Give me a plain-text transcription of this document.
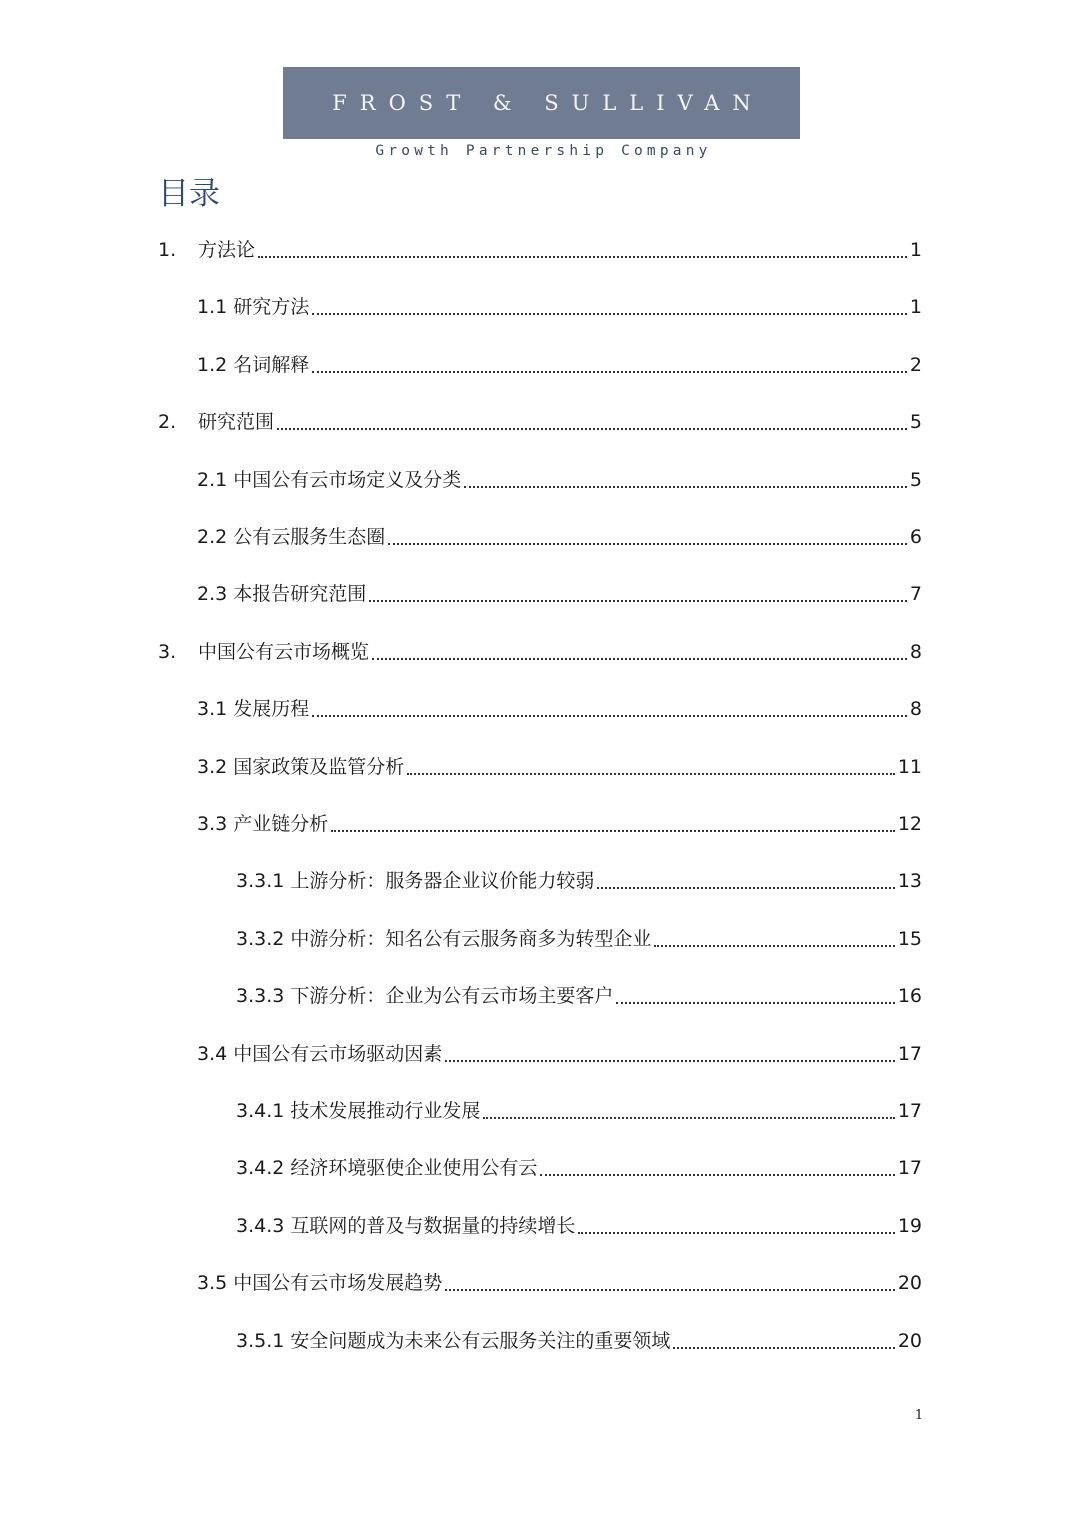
FROST & SULLIVAN
Growth Partnership Company
目录
1.	方法论	1
1.1 研究方法	1
1.2 名词解释	2
2.	研究范围	5
2.1 中国公有云市场定义及分类	5
2.2 公有云服务生态圈	6
2.3 本报告研究范围	7
3.	中国公有云市场概览	8
3.1 发展历程	8
3.2 国家政策及监管分析	11
3.3 产业链分析	12
3.3.1 上游分析：服务器企业议价能力较弱	13
3.3.2 中游分析：知名公有云服务商多为转型企业	15
3.3.3 下游分析：企业为公有云市场主要客户	16
3.4 中国公有云市场驱动因素	17
3.4.1 技术发展推动行业发展	17
3.4.2 经济环境驱使企业使用公有云	17
3.4.3 互联网的普及与数据量的持续增长	19
3.5 中国公有云市场发展趋势	20
3.5.1 安全问题成为未来公有云服务关注的重要领域	20
1
